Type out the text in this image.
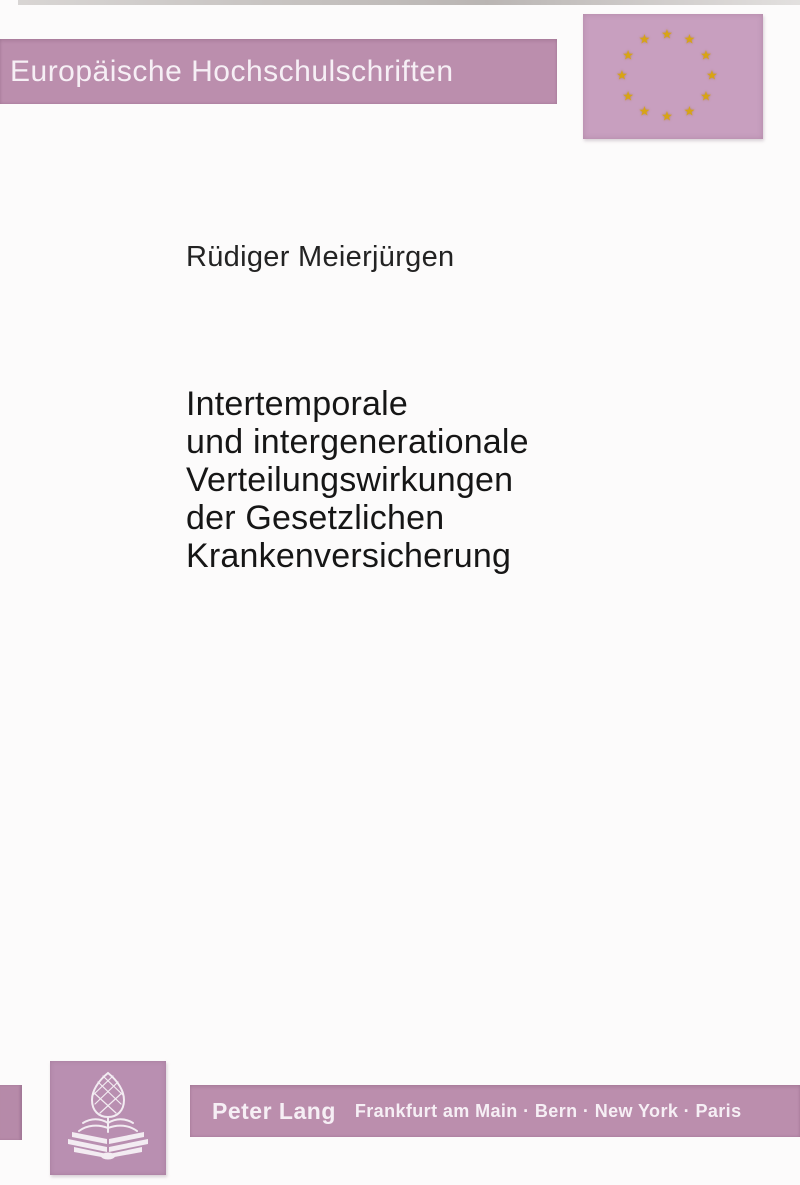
Europäische Hochschulschriften
★ ★
★
★
★
★
★
★
★
★
★
★
Rüdiger Meierjürgen
Intertemporale
und intergenerationale
Verteilungswirkungen
der Gesetzlichen
Krankenversicherung
Peter Lang	Frankfurt am Main · Bern · New York · Paris
